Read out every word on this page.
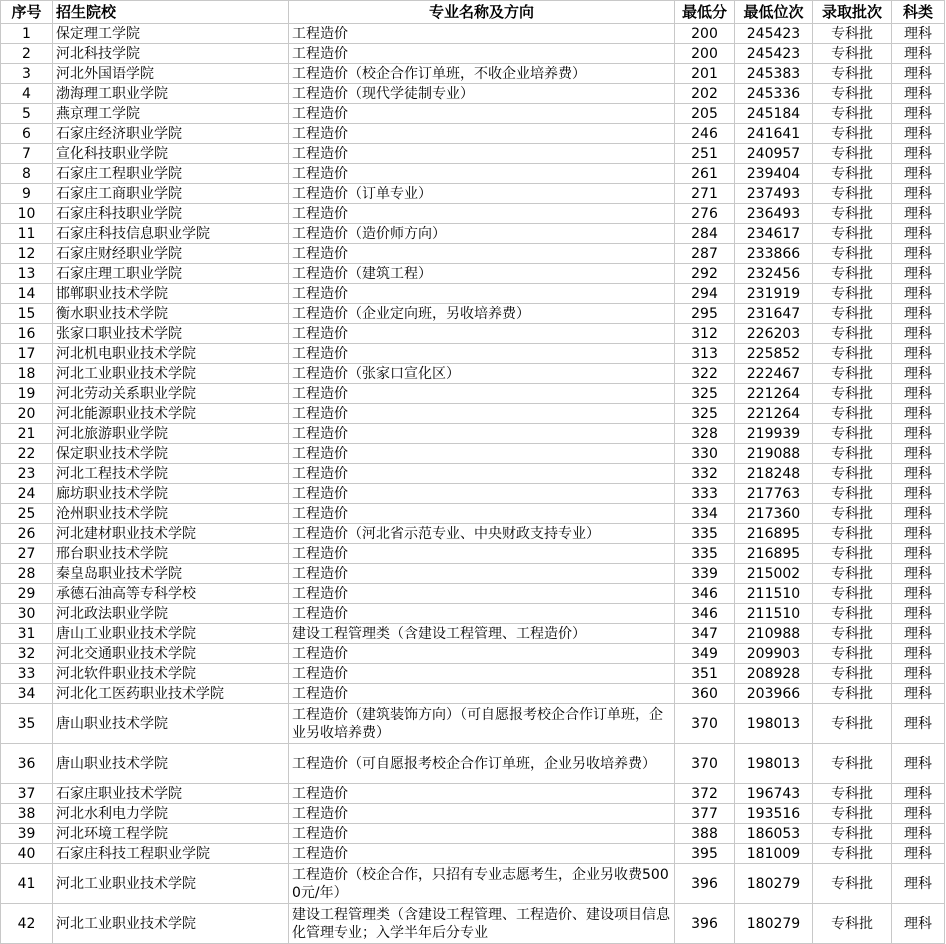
序号	招生院校	专业名称及方向	最低分	最低位次	录取批次	科类
1	保定理工学院	工程造价	200	245423	专科批	理科
2	河北科技学院	工程造价	200	245423	专科批	理科
3	河北外国语学院	工程造价（校企合作订单班，不收企业培养费）	201	245383	专科批	理科
4	渤海理工职业学院	工程造价（现代学徒制专业）	202	245336	专科批	理科
5	燕京理工学院	工程造价	205	245184	专科批	理科
6	石家庄经济职业学院	工程造价	246	241641	专科批	理科
7	宣化科技职业学院	工程造价	251	240957	专科批	理科
8	石家庄工程职业学院	工程造价	261	239404	专科批	理科
9	石家庄工商职业学院	工程造价（订单专业）	271	237493	专科批	理科
10	石家庄科技职业学院	工程造价	276	236493	专科批	理科
11	石家庄科技信息职业学院	工程造价（造价师方向）	284	234617	专科批	理科
12	石家庄财经职业学院	工程造价	287	233866	专科批	理科
13	石家庄理工职业学院	工程造价（建筑工程）	292	232456	专科批	理科
14	邯郸职业技术学院	工程造价	294	231919	专科批	理科
15	衡水职业技术学院	工程造价（企业定向班，另收培养费）	295	231647	专科批	理科
16	张家口职业技术学院	工程造价	312	226203	专科批	理科
17	河北机电职业技术学院	工程造价	313	225852	专科批	理科
18	河北工业职业技术学院	工程造价（张家口宣化区）	322	222467	专科批	理科
19	河北劳动关系职业学院	工程造价	325	221264	专科批	理科
20	河北能源职业技术学院	工程造价	325	221264	专科批	理科
21	河北旅游职业学院	工程造价	328	219939	专科批	理科
22	保定职业技术学院	工程造价	330	219088	专科批	理科
23	河北工程技术学院	工程造价	332	218248	专科批	理科
24	廊坊职业技术学院	工程造价	333	217763	专科批	理科
25	沧州职业技术学院	工程造价	334	217360	专科批	理科
26	河北建材职业技术学院	工程造价（河北省示范专业、中央财政支持专业）	335	216895	专科批	理科
27	邢台职业技术学院	工程造价	335	216895	专科批	理科
28	秦皇岛职业技术学院	工程造价	339	215002	专科批	理科
29	承德石油高等专科学校	工程造价	346	211510	专科批	理科
30	河北政法职业学院	工程造价	346	211510	专科批	理科
31	唐山工业职业技术学院	建设工程管理类（含建设工程管理、工程造价）	347	210988	专科批	理科
32	河北交通职业技术学院	工程造价	349	209903	专科批	理科
33	河北软件职业技术学院	工程造价	351	208928	专科批	理科
34	河北化工医药职业技术学院	工程造价	360	203966	专科批	理科
35	唐山职业技术学院	工程造价（建筑装饰方向）（可自愿报考校企合作订单班，企业另收培养费）	370	198013	专科批	理科
36	唐山职业技术学院	工程造价（可自愿报考校企合作订单班，企业另收培养费）	370	198013	专科批	理科
37	石家庄职业技术学院	工程造价	372	196743	专科批	理科
38	河北水利电力学院	工程造价	377	193516	专科批	理科
39	河北环境工程学院	工程造价	388	186053	专科批	理科
40	石家庄科技工程职业学院	工程造价	395	181009	专科批	理科
41	河北工业职业技术学院	工程造价（校企合作，只招有专业志愿考生，企业另收费5000元/年）	396	180279	专科批	理科
42	河北工业职业技术学院	建设工程管理类（含建设工程管理、工程造价、建设项目信息化管理专业；入学半年后分专业	396	180279	专科批	理科
